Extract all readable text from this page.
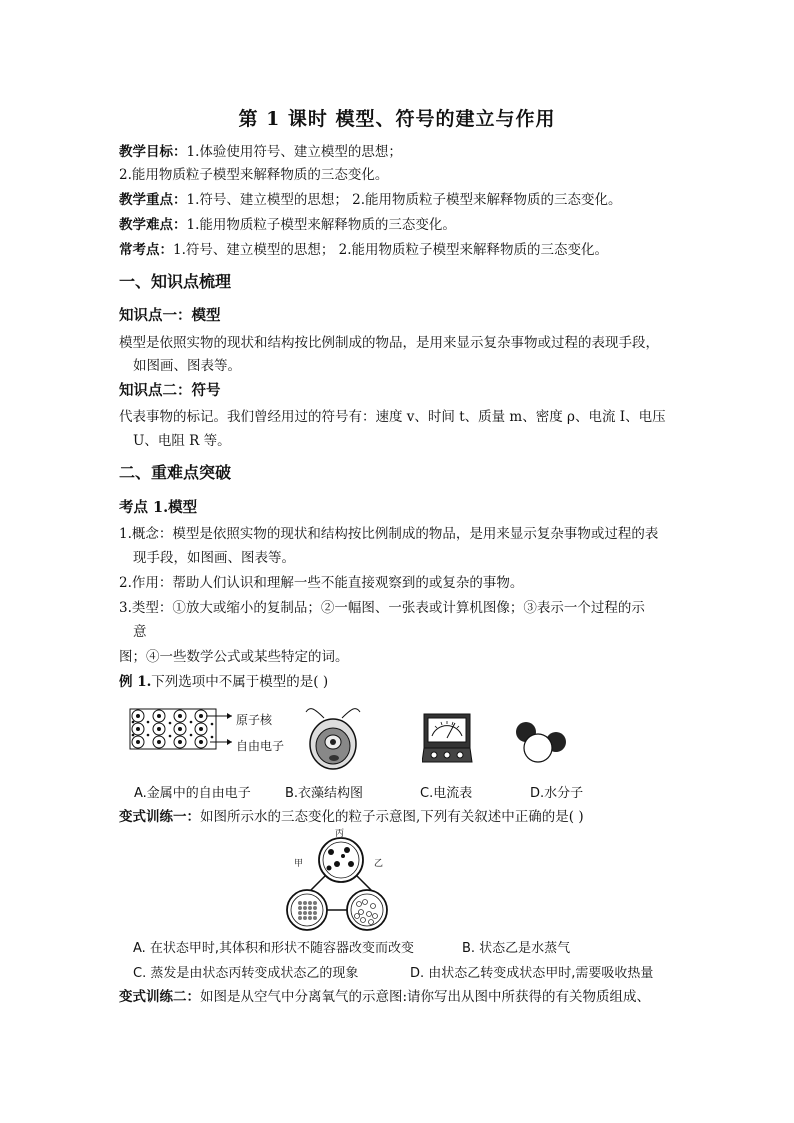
第 1 课时 模型、符号的建立与作用
教学目标：1.体验使用符号、建立模型的思想；
2.能用物质粒子模型来解释物质的三态变化。
教学重点：1.符号、建立模型的思想； 2.能用物质粒子模型来解释物质的三态变化。
教学难点：1.能用物质粒子模型来解释物质的三态变化。
常考点：1.符号、建立模型的思想； 2.能用物质粒子模型来解释物质的三态变化。
一、知识点梳理
知识点一：模型
模型是依照实物的现状和结构按比例制成的物品，是用来显示复杂事物或过程的表现手段，
如图画、图表等。
知识点二：符号
代表事物的标记。我们曾经用过的符号有：速度 v、时间 t、质量 m、密度 ρ、电流 I、电压
U、电阻 R 等。
二、重难点突破
考点 1.模型
1.概念：模型是依照实物的现状和结构按比例制成的物品，是用来显示复杂事物或过程的表
现手段，如图画、图表等。
2.作用：帮助人们认识和理解一些不能直接观察到的或复杂的事物。
3.类型：①放大或缩小的复制品；②一幅图、一张表或计算机图像；③表示一个过程的示
意
图；④一些数学公式或某些特定的词。
例 1.下列选项中不属于模型的是( )
原子核
自由电子
A.金属中的自由电子	B.衣藻结构图	C.电流表	D.水分子
变式训练一：如图所示水的三态变化的粒子示意图,下列有关叙述中正确的是( )
丙
甲	乙
A. 在状态甲时,其体积和形状不随容器改变而改变	B. 状态乙是水蒸气
C. 蒸发是由状态丙转变成状态乙的现象	D. 由状态乙转变成状态甲时,需要吸收热量
变式训练二：如图是从空气中分离氧气的示意图:请你写出从图中所获得的有关物质组成、
